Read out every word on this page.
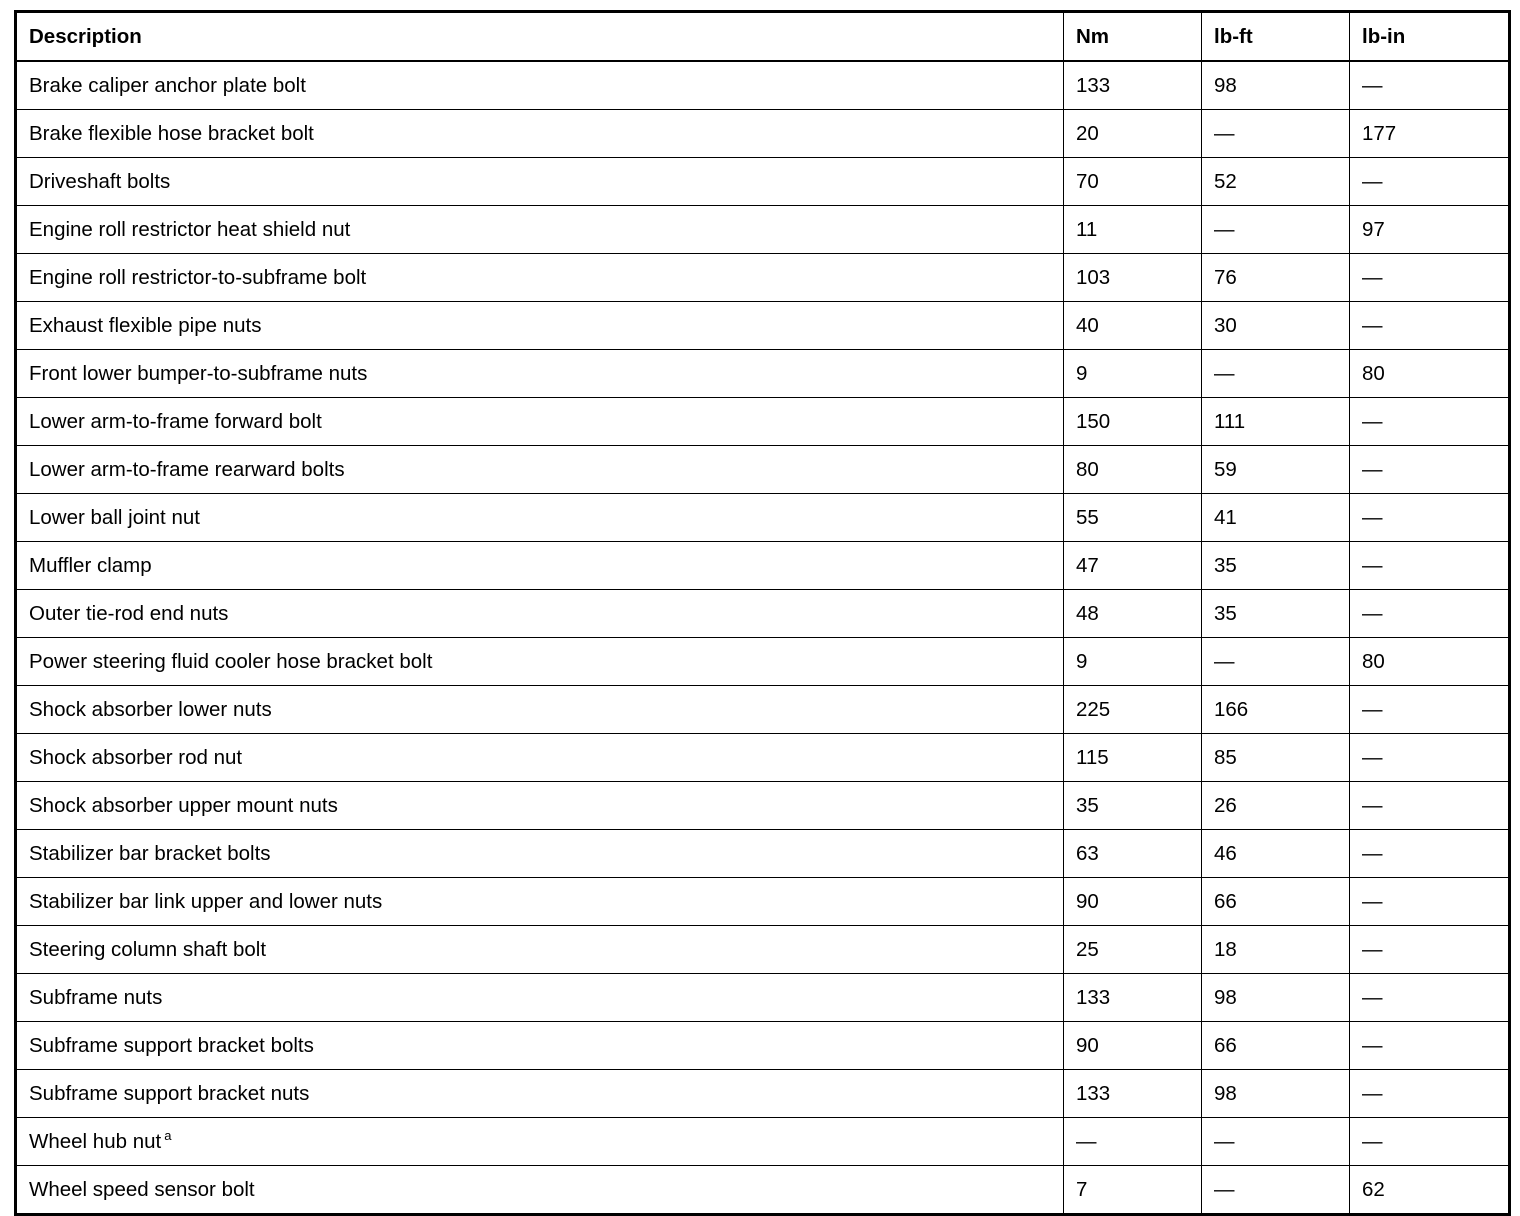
Description	Nm	lb-ft	lb-in
Brake caliper anchor plate bolt	133	98	—
Brake flexible hose bracket bolt	20	—	177
Driveshaft bolts	70	52	—
Engine roll restrictor heat shield nut	11	—	97
Engine roll restrictor-to-subframe bolt	103	76	—
Exhaust flexible pipe nuts	40	30	—
Front lower bumper-to-subframe nuts	9	—	80
Lower arm-to-frame forward bolt	150	111	—
Lower arm-to-frame rearward bolts	80	59	—
Lower ball joint nut	55	41	—
Muffler clamp	47	35	—
Outer tie-rod end nuts	48	35	—
Power steering fluid cooler hose bracket bolt	9	—	80
Shock absorber lower nuts	225	166	—
Shock absorber rod nut	115	85	—
Shock absorber upper mount nuts	35	26	—
Stabilizer bar bracket bolts	63	46	—
Stabilizer bar link upper and lower nuts	90	66	—
Steering column shaft bolt	25	18	—
Subframe nuts	133	98	—
Subframe support bracket bolts	90	66	—
Subframe support bracket nuts	133	98	—
Wheel hub nut $^a$	—	—	—
Wheel speed sensor bolt	7	—	62
